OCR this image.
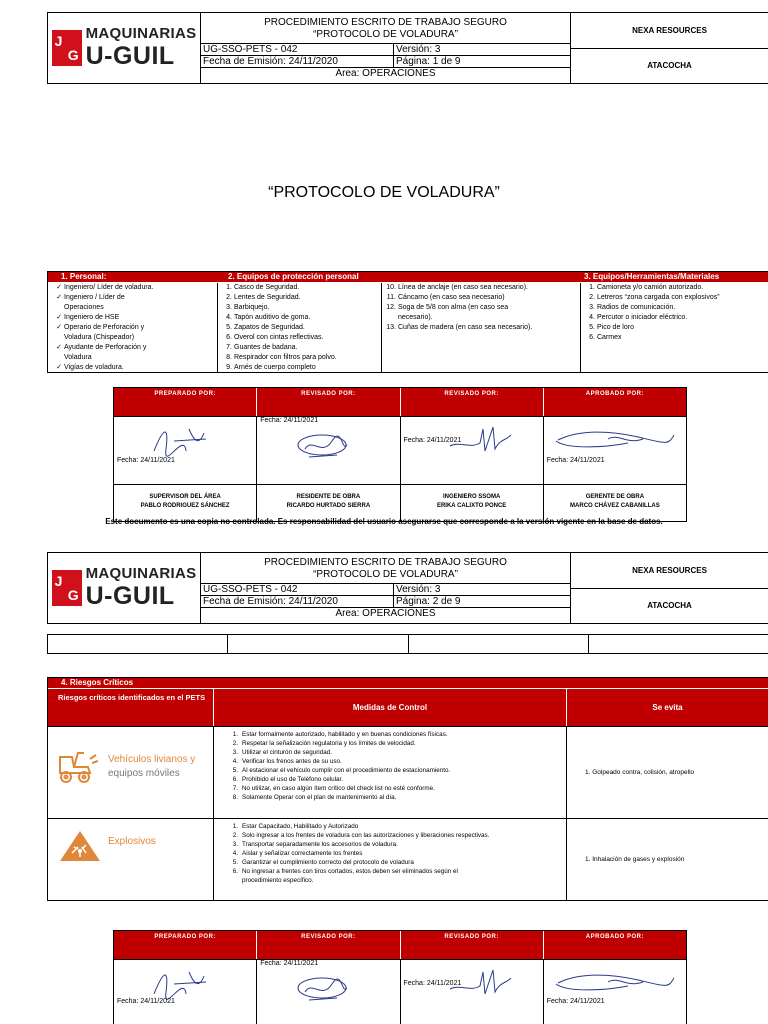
J
G
MAQUINARIAS
U-GUIL
PROCEDIMIENTO ESCRITO DE TRABAJO SEGURO
“PROTOCOLO DE VOLADURA”
UG-SSO-PETS - 042	Versión: 3
Fecha de Emisión: 24/11/2020	Página: 1 de 9
Área: OPERACIONES
NEXA RESOURCES
ATACOCHA
“PROTOCOLO DE VOLADURA”
1. Personal:	2. Equipos de protección personal	3. Equipos/Herramientas/Materiales
✓ Ingeniero/ Líder de voladura.
✓ Ingeniero / Líder de
Operaciones
✓ Ingeniero de HSE
✓ Operario de Perforación y
Voladura (Chispeador)
✓ Ayudante de Perforación y
Voladura
✓ Vigías de voladura.
1. Casco de Seguridad.
2. Lentes de Seguridad.
3. Barbiquejo.
4. Tapón auditivo de goma.
5. Zapatos de Seguridad.
6. Overol con cintas reflectivas.
7. Guantes de badana.
8. Respirador con filtros para polvo.
9. Arnés de cuerpo completo
10. Línea de anclaje (en caso sea necesario).
11. Cáncamo (en caso sea necesario)
12. Soga de 5/8 con alma (en caso sea
necesario).
13. Cuñas de madera (en caso sea necesario).
1. Camioneta y/o camión autorizado.
2. Letreros “zona cargada con explosivos”
3. Radios de comunicación.
4. Percutor o iniciador eléctrico.
5. Pico de loro
6. Carmex
PREPARADO POR:	REVISADO POR:	REVISADO POR:	APROBADO POR:
Fecha: 24/11/2021
Fecha: 24/11/2021
Fecha: 24/11/2021
Fecha: 24/11/2021
SUPERVISOR DEL ÁREA
PABLO RODRIGUEZ SÁNCHEZ
RESIDENTE DE OBRA
RICARDO HURTADO SIERRA
INGENIERO SSOMA
ERIKA CALIXTO PONCE
GERENTE DE OBRA
MARCO CHÁVEZ CABANILLAS
Este documento es una copia no controlada. Es responsabilidad del usuario asegurarse que corresponde a la versión vigente en la base de datos.
J
G
MAQUINARIAS
U-GUIL
PROCEDIMIENTO ESCRITO DE TRABAJO SEGURO
“PROTOCOLO DE VOLADURA”
UG-SSO-PETS - 042	Versión: 3
Fecha de Emisión: 24/11/2020	Página: 2 de 9
Área: OPERACIONES
NEXA RESOURCES
ATACOCHA
4. Riesgos Críticos
Riesgos críticos identificados en el PETS
Medidas de Control	Se evita
Vehículos livianos y
equipos móviles
1. Estar formalmente autorizado, habilitado y en buenas condiciones físicas.
2. Respetar la señalización regulatoria y los límites de velocidad.
3. Utilizar el cinturón de seguridad.
4. Verificar los frenos antes de su uso.
5. Al estacionar el vehículo cumplir con el procedimiento de estacionamiento.
6. Prohibido el uso de Teléfono celular.
7. No utilizar, en caso algún ítem crítico del check list no esté conforme.
8. Solamente Operar con el plan de mantenimiento al día.
1. Golpeado contra, colisión, atropello
Explosivos
1. Estar Capacitado, Habilitado y Autorizado
2. Solo ingresar a los frentes de voladura con las autorizaciones y liberaciones respectivas.
3. Transportar separadamente los accesorios de voladura.
4. Aislar y señalizar correctamente los frentes
5. Garantizar el cumplimiento correcto del protocolo de voladura
6. No ingresar a frentes con tiros cortados, estos deben ser eliminados según el
procedimiento específico.
1. Inhalación de gases y explosión
PREPARADO POR:	REVISADO POR:	REVISADO POR:	APROBADO POR:
Fecha: 24/11/2021
Fecha: 24/11/2021
Fecha: 24/11/2021
Fecha: 24/11/2021
